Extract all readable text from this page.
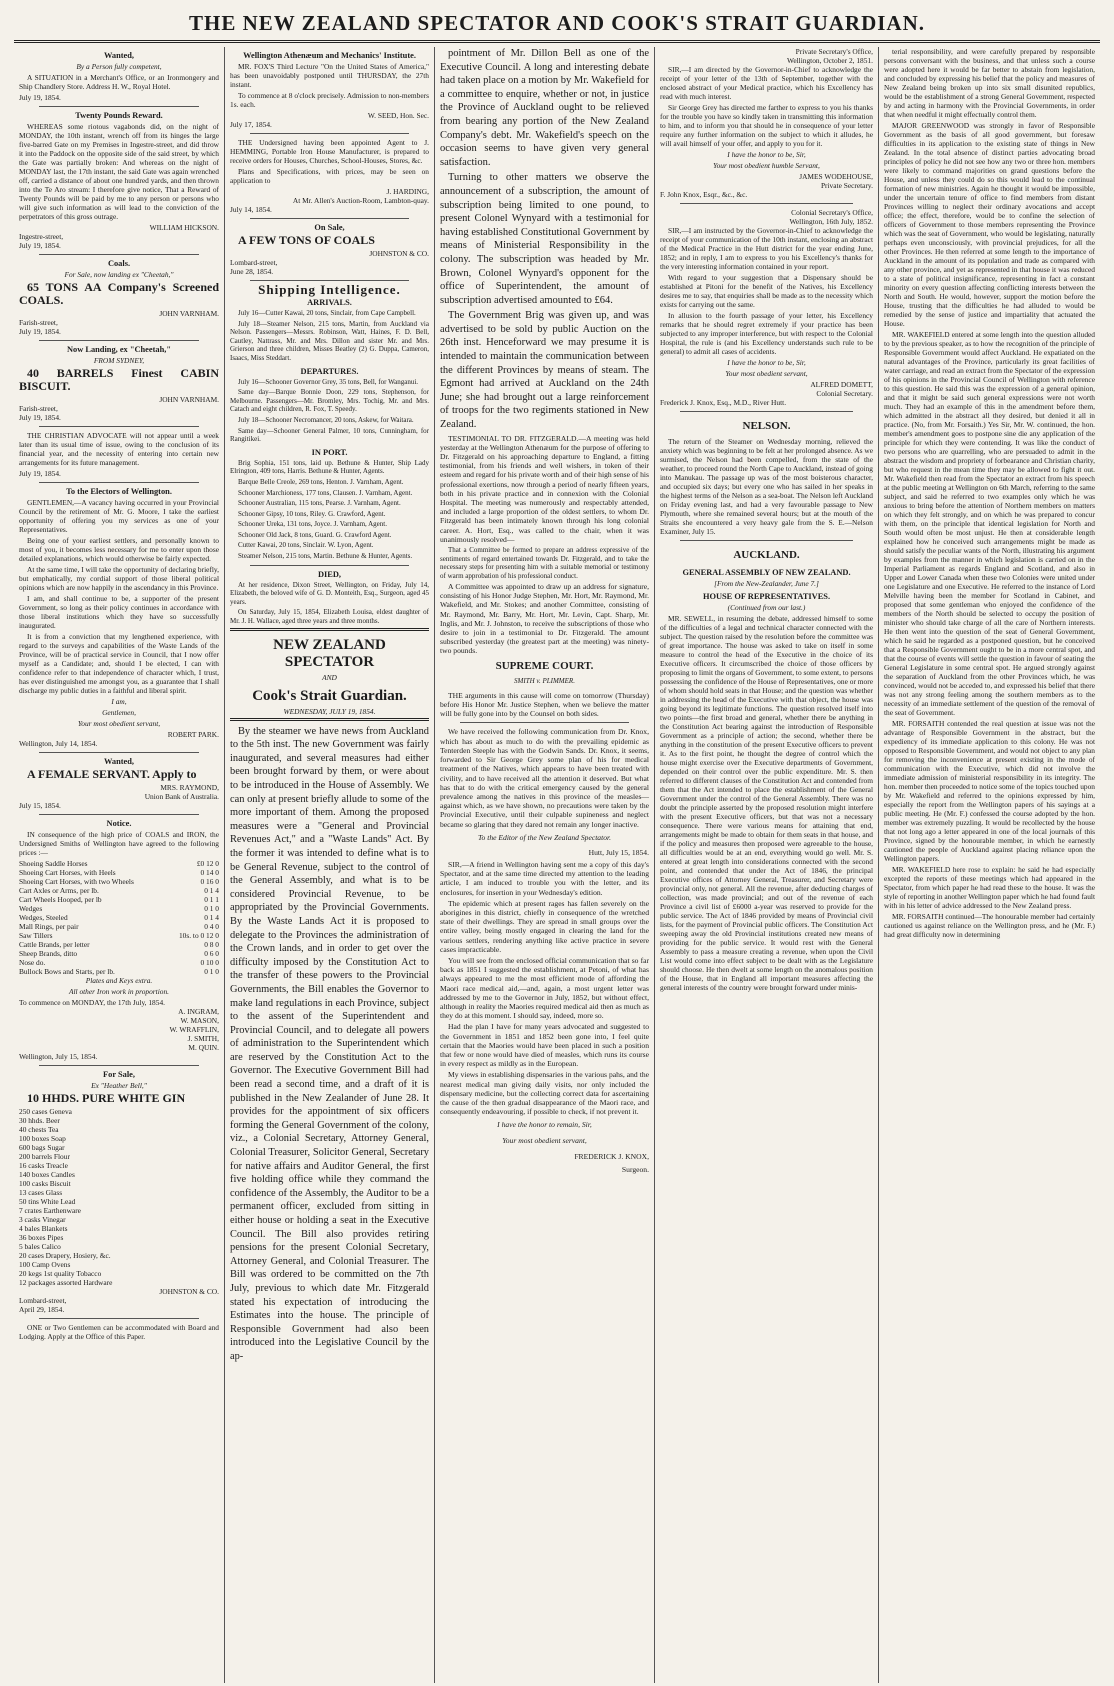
THE NEW ZEALAND SPECTATOR AND COOK'S STRAIT GUARDIAN.
Wanted,
By a Person fully competent,

A SITUATION in a Merchant's Office, or an Ironmongery and Ship Chandlery Store. Address H. W., Royal Hotel.

July 19, 1854.
Twenty Pounds Reward.

WHEREAS some riotous vagabonds did, on the night of MONDAY, the 10th instant, wrench off from its hinges the large five-barred Gate on my Premises in Ingestre-street, and did throw it into the Paddock on the opposite side of the said street, by which the Gate was partially broken: And whereas on the night of MONDAY last, the 17th instant, the said Gate was again wrenched off, carried a distance of about one hundred yards, and then thrown into the Te Aro stream: I therefore give notice, That a Reward of Twenty Pounds will be paid by me to any person or persons who will give such information as will lead to the conviction of the perpetrators of this gross outrage.

WILLIAM HICKSON.
Ingestre-street,
July 19, 1854.
Coals.
For Sale, now landing ex "Cheetah,"

65 TONS AA Company's Screened COALS.

JOHN VARNHAM.
Farish-street,
July 19, 1854.
Now Landing, ex "Cheetah,"
FROM SYDNEY,

40 BARRELS Finest CABIN BISCUIT.

JOHN VARNHAM.
Farish-street,
July 19, 1854.

THE CHRISTIAN ADVOCATE will not appear until a week later than its usual time of issue, owing to the conclusion of its financial year, and the necessity of entering into certain new arrangements for its future management.

July 19, 1854.
To the Electors of Wellington.

GENTLEMEN,—A vacancy having occurred in your Provincial Council by the retirement of Mr. G. Moore, I take the earliest opportunity of offering you my services as one of your Representatives.

Being one of your earliest settlers, and personally known to most of you, it becomes less necessary for me to enter upon those detailed explanations, which would otherwise be fairly expected.

At the same time, I will take the opportunity of declaring briefly, but emphatically, my cordial support of those liberal political opinions which are now happily in the ascendancy in this Province.

I am, and shall continue to be, a supporter of the present Government, so long as their policy continues in accordance with those liberal institutions which they have so successfully inaugurated.

It is from a conviction that my lengthened experience, with regard to the surveys and capabilities of the Waste Lands of the Province, will be of practical service in Council, that I now offer myself as a Candidate; and, should I be elected, I can with confidence refer to that independence of character which, I trust, has ever distinguished me amongst you, as a guarantee that I shall discharge my public duties in a faithful and liberal spirit.

I am,
Gentlemen,
Your most obedient servant,
ROBERT PARK.
Wellington, July 14, 1854.
Wanted,

A FEMALE SERVANT. Apply to

MRS. RAYMOND,
Union Bank of Australia.
July 15, 1854.
Notice.

IN consequence of the high price of COALS and IRON, the Undersigned Smiths of Wellington have agreed to the following prices :—

Shoeing Saddle Horses	£0 12 0
Shoeing Cart Horses, with Heels	0 14 0
Shoeing Cart Horses, with two Wheels	0 16 0
Cart Axles or Arms, per lb.	0 1 4
Cart Wheels Hooped, per lb	0 1 1
Wedges	0 1 0
Wedges, Steeled	0 1 4
Mall Rings, per pair	0 4 0
Saw Tillers	10s. to 0 12 0
Cattle Brands, per letter	0 8 0
Sheep Brands, ditto	0 6 0
Nose do.	0 10 0
Bullock Bows and Starts, per lb.	0 1 0
Plates and Keys extra.
All other Iron work in proportion.
To commence on MONDAY, the 17th July, 1854.
A. INGRAM,
W. MASON,
W. WRAFFLIN,
J. SMITH,
M. QUIN.
Wellington, July 15, 1854.
For Sale,
Ex "Heather Bell,"

10 HHDS. PURE WHITE GIN

250 cases Geneva
30 hhds. Beer
40 chests Tea
100 boxes Soap
600 bags Sugar
200 barrels Flour
16 casks Treacle
140 boxes Candles
100 casks Biscuit
13 cases Glass
50 tins White Lead
7 crates Earthenware
3 casks Vinegar
4 bales Blankets
36 boxes Pipes
5 bales Calico
20 cases Drapery, Hosiery, &c.
100 Camp Ovens
20 kegs 1st quality Tobacco
12 packages assorted Hardware
JOHNSTON & CO.
Lombard-street,
April 29, 1854.

ONE or Two Gentlemen can be accommodated with Board and Lodging. Apply at the Office of this Paper.

Wellington Athenæum and Mechanics' Institute.

MR. FOX'S Third Lecture "On the United States of America," has been unavoidably postponed until THURSDAY, the 27th instant.

To commence at 8 o'clock precisely. Admission to non-members 1s. each.

W. SEED, Hon. Sec.
July 17, 1854.

THE Undersigned having been appointed Agent to J. HEMMING, Portable Iron House Manufacturer, is prepared to receive orders for Houses, Churches, School-Houses, Stores, &c.

Plans and Specifications, with prices, may be seen on application to

J. HARDING,
At Mr. Allen's Auction-Room, Lambton-quay.
July 14, 1854.
On Sale,

A FEW TONS OF COALS

JOHNSTON & CO.
Lombard-street,
June 28, 1854.
Shipping Intelligence.
ARRIVALS.

July 16—Cutter Kawai, 20 tons, Sinclair, from Cape Campbell.

July 18—Steamer Nelson, 215 tons, Martin, from Auckland via Nelson. Passengers—Messrs. Robinson, Watt, Haines, F. D. Bell, Cautley, Nattrass, Mr. and Mrs. Dillon and sister Mr. and Mrs. Grierson and three children, Misses Beatley (2) G. Duppa, Cameron, Isaacs, Miss Steddart.

DEPARTURES.

July 16—Schooner Governor Grey, 35 tons, Bell, for Wanganui.

Same day—Barque Bonnie Doon, 229 tons, Stephenson, for Melbourne. Passengers—Mr. Bromley, Mrs. Tochig, Mr. and Mrs. Catach and eight children, R. Fox, T. Speedy.

July 18—Schooner Necromancer, 20 tons, Askew, for Waitara.

Same day—Schooner General Palmer, 10 tons, Cunningham, for Rangitikei.

IN PORT.

Brig Sophia, 151 tons, laid up. Bethune & Hunter, Ship Lady Elrington, 409 tons, Harris. Bethune & Hunter, Agents.

Barque Belle Creole, 269 tons, Henton. J. Varnham, Agent.

Schooner Marchioness, 177 tons, Clausen. J. Varnham, Agent.

Schooner Australian, 115 tons, Pearse. J. Varnham, Agent.

Schooner Gipsy, 10 tons, Riley. G. Crawford, Agent.

Schooner Ureka, 131 tons, Joyce. J. Varnham, Agent.

Schooner Old Jack, 8 tons, Guard. G. Crawford Agent.

Cutter Kawai, 20 tons, Sinclair. W. Lyon, Agent.

Steamer Nelson, 215 tons, Martin. Bethune & Hunter, Agents.

DIED,

At her residence, Dixon Street, Wellington, on Friday, July 14, Elizabeth, the beloved wife of G. D. Monteith, Esq., Surgeon, aged 45 years.

On Saturday, July 15, 1854, Elizabeth Louisa, eldest daughter of Mr. J. H. Wallace, aged three years and three months.

NEW ZEALAND SPECTATOR
AND
Cook's Strait Guardian.
WEDNESDAY, JULY 19, 1854.

By the steamer we have news from Auckland to the 5th inst. The new Government was fairly inaugurated, and several measures had either been brought forward by them, or were about to be introduced in the House of Assembly. We can only at present briefly allude to some of the more important of them. Among the proposed measures were a "General and Provincial Revenues Act," and a "Waste Lands" Act. By the former it was intended to define what is to be General Revenue, subject to the control of the General Assembly, and what is to be considered Provincial Revenue, to be appropriated by the Provincial Governments. By the Waste Lands Act it is proposed to delegate to the Provinces the administration of the Crown lands, and in order to get over the difficulty imposed by the Constitution Act to the transfer of these powers to the Provincial Governments, the Bill enables the Governor to make land regulations in each Province, subject to the assent of the Superintendent and Provincial Council, and to delegate all powers of administration to the Superintendent which are reserved by the Constitution Act to the Governor. The Executive Government Bill had been read a second time, and a draft of it is published in the New Zealander of June 28. It provides for the appointment of six officers forming the General Government of the colony, viz., a Colonial Secretary, Attorney General, Colonial Treasurer, Solicitor General, Secretary for native affairs and Auditor General, the first five holding office while they command the confidence of the Assembly, the Auditor to be a permanent officer, excluded from sitting in either house or holding a seat in the Executive Council. The Bill also provides retiring pensions for the present Colonial Secretary, Attorney General, and Colonial Treasurer. The Bill was ordered to be committed on the 7th July, previous to which date Mr. Fitzgerald stated his expectation of introducing the Estimates into the house. The principle of Responsible Government had also been introduced into the Legislative Council by the ap-

pointment of Mr. Dillon Bell as one of the Executive Council. A long and interesting debate had taken place on a motion by Mr. Wakefield for a committee to enquire, whether or not, in justice the Province of Auckland ought to be relieved from bearing any portion of the New Zealand Company's debt. Mr. Wakefield's speech on the occasion seems to have given very general satisfaction.

Turning to other matters we observe the announcement of a subscription, the amount of subscription being limited to one pound, to present Colonel Wynyard with a testimonial for having established Constitutional Government by means of Ministerial Responsibility in the colony. The subscription was headed by Mr. Brown, Colonel Wynyard's opponent for the office of Superintendent, the amount of subscription advertised amounted to £64.

The Government Brig was given up, and was advertised to be sold by public Auction on the 26th inst. Henceforward we may presume it is intended to maintain the communication between the different Provinces by means of steam. The Egmont had arrived at Auckland on the 24th June; she had brought out a large reinforcement of troops for the two regiments stationed in New Zealand.

TESTIMONIAL TO DR. FITZGERALD.—A meeting was held yesterday at the Wellington Athenæum for the purpose of offering to Dr. Fitzgerald on his approaching departure to England, a fitting testimonial, from his friends and well wishers, in token of their esteem and regard for his private worth and of their high sense of his professional exertions, now through a period of nearly fifteen years, both in his private practice and in connexion with the Colonial Hospital. The meeting was numerously and respectably attended, and included a large proportion of the oldest settlers, to whom Dr. Fitzgerald has been intimately known through his long colonial career. A. Hort, Esq., was called to the chair, when it was unanimously resolved—

That a Committee be formed to prepare an address expressive of the sentiments of regard entertained towards Dr. Fitzgerald, and to take the necessary steps for presenting him with a suitable memorial or testimony of warm approbation of his professional conduct.

A Committee was appointed to draw up an address for signature, consisting of his Honor Judge Stephen, Mr. Hort, Mr. Raymond, Mr. Wakefield, and Mr. Stokes; and another Committee, consisting of Mr. Raymond, Mr. Barry, Mr. Hort, Mr. Levin, Capt. Sharp, Mr. Inglis, and Mr. J. Johnston, to receive the subscriptions of those who desire to join in a testimonial to Dr. Fitzgerald. The amount subscribed yesterday (the greatest part at the meeting) was ninety-two pounds.

SUPREME COURT.
SMITH v. PLIMMER.

THE arguments in this cause will come on tomorrow (Thursday) before His Honor Mr. Justice Stephen, when we believe the matter will be fully gone into by the Counsel on both sides.

We have received the following communication from Dr. Knox, which has about as much to do with the prevailing epidemic as Tenterden Steeple has with the Godwin Sands. Dr. Knox, it seems, forwarded to Sir George Grey some plan of his for medical treatment of the Natives, which appears to have been treated with civility, and to have received all the attention it deserved. But what has that to do with the critical emergency caused by the general prevalence among the natives in this province of the measles—against which, as we have shown, no precautions were taken by the Provincial Executive, until their culpable supineness and neglect became so glaring that they dared not remain any longer inactive.

To the Editor of the New Zealand Spectator.
Hutt, July 15, 1854.

SIR,—A friend in Wellington having sent me a copy of this day's Spectator, and at the same time directed my attention to the leading article, I am induced to trouble you with the letter, and its enclosures, for insertion in your Wednesday's edition.

The epidemic which at present rages has fallen severely on the aborigines in this district, chiefly in consequence of the wretched state of their dwellings. They are spread in small groups over the entire valley, being mostly engaged in clearing the land for the various settlers, rendering anything like active practice in severe cases impracticable.

You will see from the enclosed official communication that so far back as 1851 I suggested the establishment, at Petoni, of what has always appeared to me the most efficient mode of affording the Maori race medical aid,—and, again, a most urgent letter was addressed by me to the Governor in July, 1852, but without effect, although in reality the Maories required medical aid then as much as they do at this moment. I should say, indeed, more so.

Had the plan I have for many years advocated and suggested to the Government in 1851 and 1852 been gone into, I feel quite certain that the Maories would have been placed in such a position that few or none would have died of measles, which runs its course in every respect as mildly as in the European.

My views in establishing dispensaries in the various pahs, and the nearest medical man giving daily visits, nor only included the dispensary medicine, but the collecting correct data for ascertaining the cause of the then gradual disappearance of the Maori race, and consequently endeavouring, if possible to check, if not prevent it.

I have the honor to remain, Sir,
Your most obedient servant,
FREDERICK J. KNOX,
Surgeon.
Private Secretary's Office,
Wellington, October 2, 1851.

SIR,—I am directed by the Governor-in-Chief to acknowledge the receipt of your letter of the 13th of September, together with the enclosed abstract of your Medical practice, which his Excellency has read with much interest.

Sir George Grey has directed me farther to express to you his thanks for the trouble you have so kindly taken in transmitting this information to him, and to inform you that should he in consequence of your letter require any further information on the subject to which it alludes, he will avail himself of your offer, and apply to you for it.

I have the honor to be, Sir,
Your most obedient humble Servant,
JAMES WODEHOUSE,
Private Secretary.
F. John Knox, Esqr., &c., &c.
Colonial Secretary's Office,
Wellington, 16th July, 1852.

SIR,—I am instructed by the Governor-in-Chief to acknowledge the receipt of your communication of the 10th instant, enclosing an abstract of the Medical Practice in the Hutt district for the year ending June, 1852; and in reply, I am to express to you his Excellency's thanks for the very interesting information contained in your report.

With regard to your suggestion that a Dispensary should be established at Pitoni for the benefit of the Natives, his Excellency desires me to say, that enquiries shall be made as to the necessity which exists for carrying out the same.

In allusion to the fourth passage of your letter, his Excellency remarks that he should regret extremely if your practice has been subjected to any improper interference, but with respect to the Colonial Hospital, the rule is (and his Excellency understands such rule to be general) to admit all cases of accidents.

I have the honor to be, Sir,
Your most obedient servant,
ALFRED DOMETT,
Colonial Secretary.
Frederick J. Knox, Esq., M.D., River Hutt.
NELSON.

The return of the Steamer on Wednesday morning, relieved the anxiety which was beginning to be felt at her prolonged absence. As we surmised, the Nelson had been compelled, from the state of the weather, to proceed round the North Cape to Auckland, instead of going into Manukau. The passage up was of the most boisterous character, and occupied six days; but every one who has sailed in her speaks in the highest terms of the Nelson as a sea-boat. The Nelson left Auckland on Friday evening last, and had a very favourable passage to New Plymouth, where she remained several hours; but at the mouth of the Straits she encountered a very heavy gale from the S. E.—Nelson Examiner, July 15.

AUCKLAND.
GENERAL ASSEMBLY OF NEW ZEALAND.
[From the New-Zealander, June 7.]
HOUSE OF REPRESENTATIVES.
(Continued from our last.)

MR. SEWELL, in resuming the debate, addressed himself to some of the difficulties of a legal and technical character connected with the subject. The question raised by the resolution before the committee was of great importance. The house was asked to take on itself in some measure to control the head of the Executive in the choice of its Executive officers. It circumscribed the choice of those officers by proposing to limit the organs of Government, to some extent, to persons possessing the confidence of the House of Representatives, one or more of whom should hold seats in that House; and the question was whether in addressing the head of the Executive with that object, the house was going beyond its legitimate functions. The question resolved itself into two points—the first broad and general, whether there be anything in the Constitution Act bearing against the introduction of Responsible Government as a principle of action; the second, whether there be anything in the constitution of the present Executive officers to prevent it. As to the first point, he thought the degree of control which the house might exercise over the Executive departments of Government, depended on their control over the public expenditure. Mr. S. then referred to different clauses of the Constitution Act and contended from them that the Act intended to place the establishment of the General Government under the control of the General Assembly. There was no doubt the principle asserted by the proposed resolution might interfere with the present Executive officers, but that was not a necessary consequence. There were various means for attaining that end, arrangements might be made to obtain for them seats in that house, and if the policy and measures then proposed were agreeable to the house, all difficulties would be at an end, everything would go well. Mr. S. entered at great length into considerations connected with the second point, and contended that under the Act of 1846, the principal Executive offices of Attorney General, Treasurer, and Secretary were provincial only, not general. All the revenue, after deducting charges of collection, was made provincial; and out of the revenue of each Province a civil list of £6000 a-year was reserved to provide for the public service. The Act of 1846 provided by means of Provincial civil lists, for the payment of Provincial public officers. The Constitution Act sweeping away the old Provincial institutions created new means of providing for the public service. It would rest with the General Assembly to pass a measure creating a revenue, when upon the Civil List would come into effect subject to be dealt with as the Legislature should choose. He then dwelt at some length on the anomalous position of the House, that in England all important measures affecting the general interests of the country were brought forward under minis-

terial responsibility, and were carefully prepared by responsible persons conversant with the business, and that unless such a course were adopted here it would be far better to abstain from legislation, and concluded by expressing his belief that the policy and measures of New Zealand being broken up into six small disunited republics, would be the establishment of a strong General Government, respected by and acting in harmony with the Provincial Governments, in order that when needful it might effectually control them.

MAJOR GREENWOOD was strongly in favor of Responsible Government as the basis of all good government, but foresaw difficulties in its application to the existing state of things in New Zealand. In the total absence of distinct parties advocating broad principles of policy he did not see how any two or three hon. members were likely to command majorities on grand questions before the House, and unless they could do so this would lead to the continual formation of new ministries. Again he thought it would be impossible, under the uncertain tenure of office to find members from distant Provinces willing to neglect their ordinary avocations and accept office; the effect, therefore, would be to confine the selection of officers of Government to those members representing the Province which was the seat of Government, who would be legislating, naturally perhaps even unconsciously, with provincial prejudices, for all the other Provinces. He then referred at some length to the importance of Auckland in the amount of its population and trade as compared with any other province, and yet as represented in that house it was reduced to a state of political insignificance, representing in fact a constant minority on every question affecting conflicting interests between the North and South. He would, however, support the motion before the House, trusting that the difficulties he had alluded to would be remedied by the sense of justice and impartiality that actuated the House.

MR. WAKEFIELD entered at some length into the question alluded to by the previous speaker, as to how the recognition of the principle of Responsible Government would affect Auckland. He expatiated on the natural advantages of the Province, particularly its great facilities of water carriage, and read an extract from the Spectator of the expression of his opinions in the Provincial Council of Wellington with reference to this question. He said this was the expression of a general opinion, and that it might be said such general expressions were not worth much. They had an example of this in the amendment before them, which admitted in the abstract all they desired, but denied it all in practice. (No, from Mr. Forsaith.) Yes Sir, Mr. W. continued, the hon. member's amendment goes to postpone sine die any application of the principle for which they were contending. It was like the conduct of two persons who are quarrelling, who are persuaded to admit in the abstract the wisdom and propriety of forbearance and Christian charity, but who request in the mean time they may be allowed to fight it out. Mr. Wakefield then read from the Spectator an extract from his speech at the public meeting at Wellington on 6th March, referring to the same subject, and said he referred to two examples only which he was anxious to bring before the attention of Northern members on matters on which they felt strongly, and on which he was prepared to concur with them, on the principle that identical legislation for North and South would often be most unjust. He then at considerable length explained how he conceived such arrangements might be made as should satisfy the peculiar wants of the North, illustrating his argument by examples from the manner in which legislation is carried on in the Imperial Parliament as regards England and Scotland, and also in Upper and Lower Canada when these two Colonies were united under one Legislature and one Executive. He referred to the instance of Lord Melville having been the member for Scotland in Cabinet, and proposed that some gentleman who enjoyed the confidence of the members of the North should be selected to occupy the position of minister who should take charge of all the care of Northern interests. He then went into the question of the seat of General Government, which he said he regarded as a postponed question, but he conceived that a Responsible Government ought to be in a more central spot, and that the course of events will settle the question in favour of seating the General Legislature in some central spot. He argued strongly against the separation of Auckland from the other Provinces which, he was convinced, would not be acceded to, and expressed his belief that there was not any strong feeling among the southern members as to the necessity of an immediate settlement of the question of the removal of the seat of Government.

MR. FORSAITH contended the real question at issue was not the advantage of Responsible Government in the abstract, but the expediency of its immediate application to this colony. He was not opposed to Responsible Government, and would not object to any plan for removing the inconvenience at present existing in the mode of communication with the Executive, which did not involve the immediate admission of ministerial responsibility in its integrity. The hon. member then proceeded to notice some of the topics touched upon by Mr. Wakefield and referred to the opinions expressed by him, especially the report from the Wellington papers of his sayings at a public meeting. He (Mr. F.) confessed the course adopted by the hon. member was extremely puzzling. It would be recollected by the house that not long ago a letter appeared in one of the local journals of this Province, signed by the honourable member, in which he earnestly cautioned the people of Auckland against placing reliance upon the Wellington papers.

MR. WAKEFIELD here rose to explain: he said he had especially excepted the reports of these meetings which had appeared in the Spectator, from which paper he had read these to the house. It was the style of reporting in another Wellington paper which he had found fault with in his letter of advice addressed to the New Zealand press.

MR. FORSAITH continued—The honourable member had certainly cautioned us against reliance on the Wellington press, and he (Mr. F.) had great difficulty now in determining
